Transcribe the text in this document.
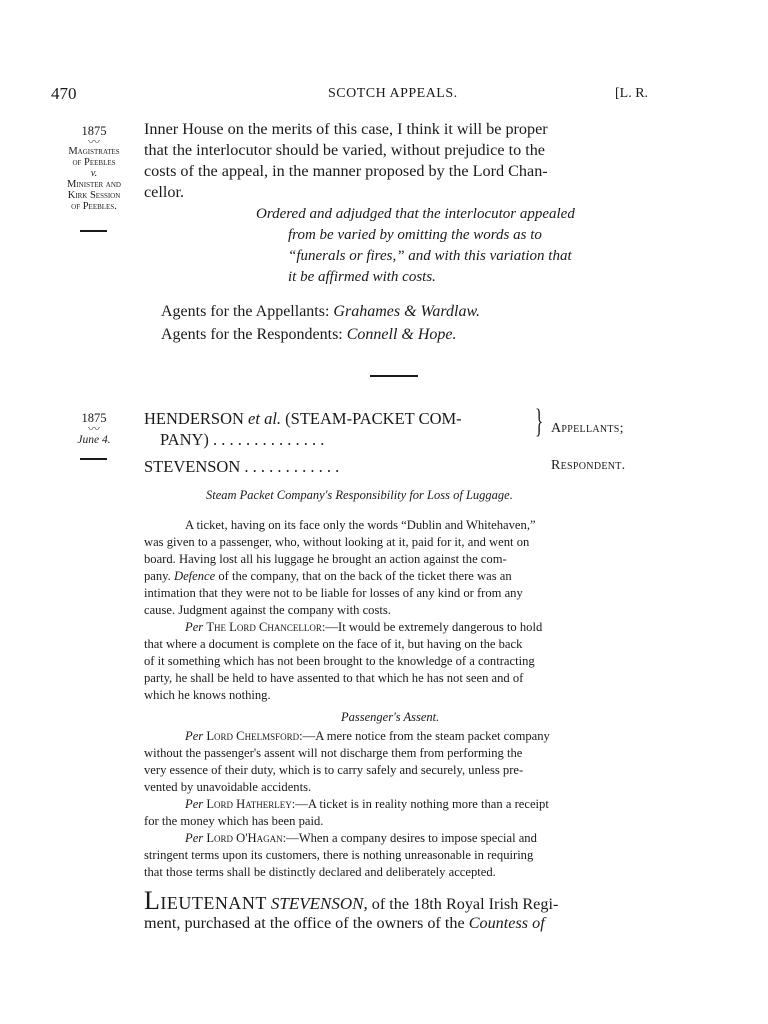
470	SCOTCH APPEALS.	[L. R.
1875
〰
Magistrates
of Peebles
v.
Minister and
Kirk Session
of Peebles.
Inner House on the merits of this case, I think it will be proper
that the interlocutor should be varied, without prejudice to the
costs of the appeal, in the manner proposed by the Lord Chan-
cellor.
Ordered and adjudged that the interlocutor appealed
from be varied by omitting the words as to
“funerals or fires,” and with this variation that
it be affirmed with costs.
Agents for the Appellants: Grahames & Wardlaw.
Agents for the Respondents: Connell & Hope.
1875
〰
June 4.
HENDERSON et al. (STEAM-PACKET COM-
PANY) . . . . . . . . . . . . . .	} Appellants;
STEVENSON . . . . . . . . . . . .	Respondent.
Steam Packet Company's Responsibility for Loss of Luggage.
A ticket, having on its face only the words “Dublin and Whitehaven,”
was given to a passenger, who, without looking at it, paid for it, and went on
board. Having lost all his luggage he brought an action against the com-
pany. Defence of the company, that on the back of the ticket there was an
intimation that they were not to be liable for losses of any kind or from any
cause. Judgment against the company with costs.
Per The Lord Chancellor:—It would be extremely dangerous to hold
that where a document is complete on the face of it, but having on the back
of it something which has not been brought to the knowledge of a contracting
party, he shall be held to have assented to that which he has not seen and of
which he knows nothing.
Passenger's Assent.
Per Lord Chelmsford:—A mere notice from the steam packet company
without the passenger's assent will not discharge them from performing the
very essence of their duty, which is to carry safely and securely, unless pre-
vented by unavoidable accidents.
Per Lord Hatherley:—A ticket is in reality nothing more than a receipt
for the money which has been paid.
Per Lord O'Hagan:—When a company desires to impose special and
stringent terms upon its customers, there is nothing unreasonable in requiring
that those terms shall be distinctly declared and deliberately accepted.
Lieutenant STEVENSON, of the 18th Royal Irish Regi-
ment, purchased at the office of the owners of the Countess of
